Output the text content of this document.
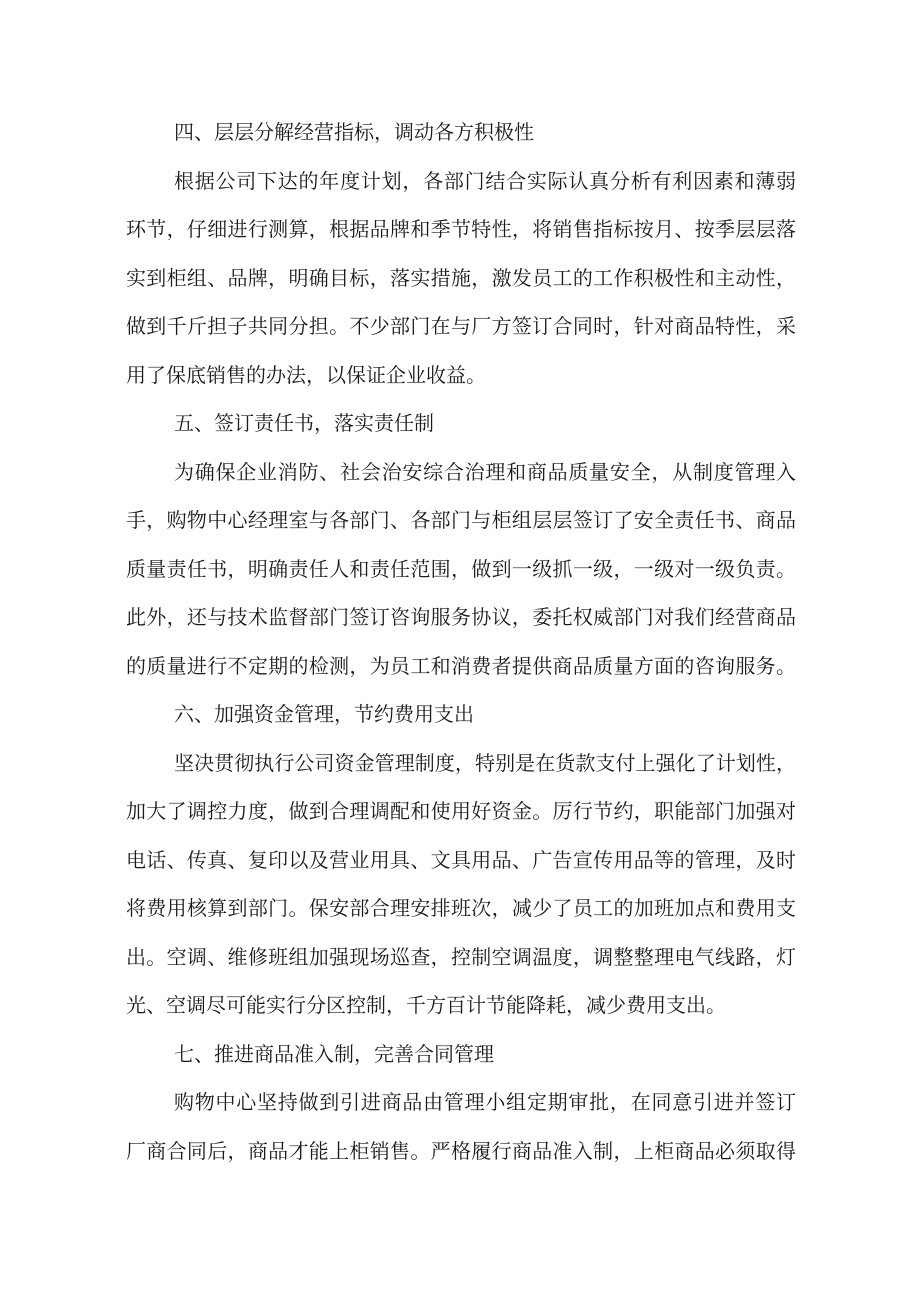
四、层层分解经营指标，调动各方积极性
根据公司下达的年度计划，各部门结合实际认真分析有利因素和薄弱
环节，仔细进行测算，根据品牌和季节特性，将销售指标按月、按季层层落
实到柜组、品牌，明确目标，落实措施，激发员工的工作积极性和主动性，
做到千斤担子共同分担。不少部门在与厂方签订合同时，针对商品特性，采
用了保底销售的办法，以保证企业收益。
五、签订责任书，落实责任制
为确保企业消防、社会治安综合治理和商品质量安全，从制度管理入
手，购物中心经理室与各部门、各部门与柜组层层签订了安全责任书、商品
质量责任书，明确责任人和责任范围，做到一级抓一级，一级对一级负责。
此外，还与技术监督部门签订咨询服务协议，委托权威部门对我们经营商品
的质量进行不定期的检测，为员工和消费者提供商品质量方面的咨询服务。
六、加强资金管理，节约费用支出
坚决贯彻执行公司资金管理制度，特别是在货款支付上强化了计划性，
加大了调控力度，做到合理调配和使用好资金。厉行节约，职能部门加强对
电话、传真、复印以及营业用具、文具用品、广告宣传用品等的管理，及时
将费用核算到部门。保安部合理安排班次，减少了员工的加班加点和费用支
出。空调、维修班组加强现场巡查，控制空调温度，调整整理电气线路，灯
光、空调尽可能实行分区控制，千方百计节能降耗，减少费用支出。
七、推进商品准入制，完善合同管理
购物中心坚持做到引进商品由管理小组定期审批，在同意引进并签订
厂商合同后，商品才能上柜销售。严格履行商品准入制，上柜商品必须取得
